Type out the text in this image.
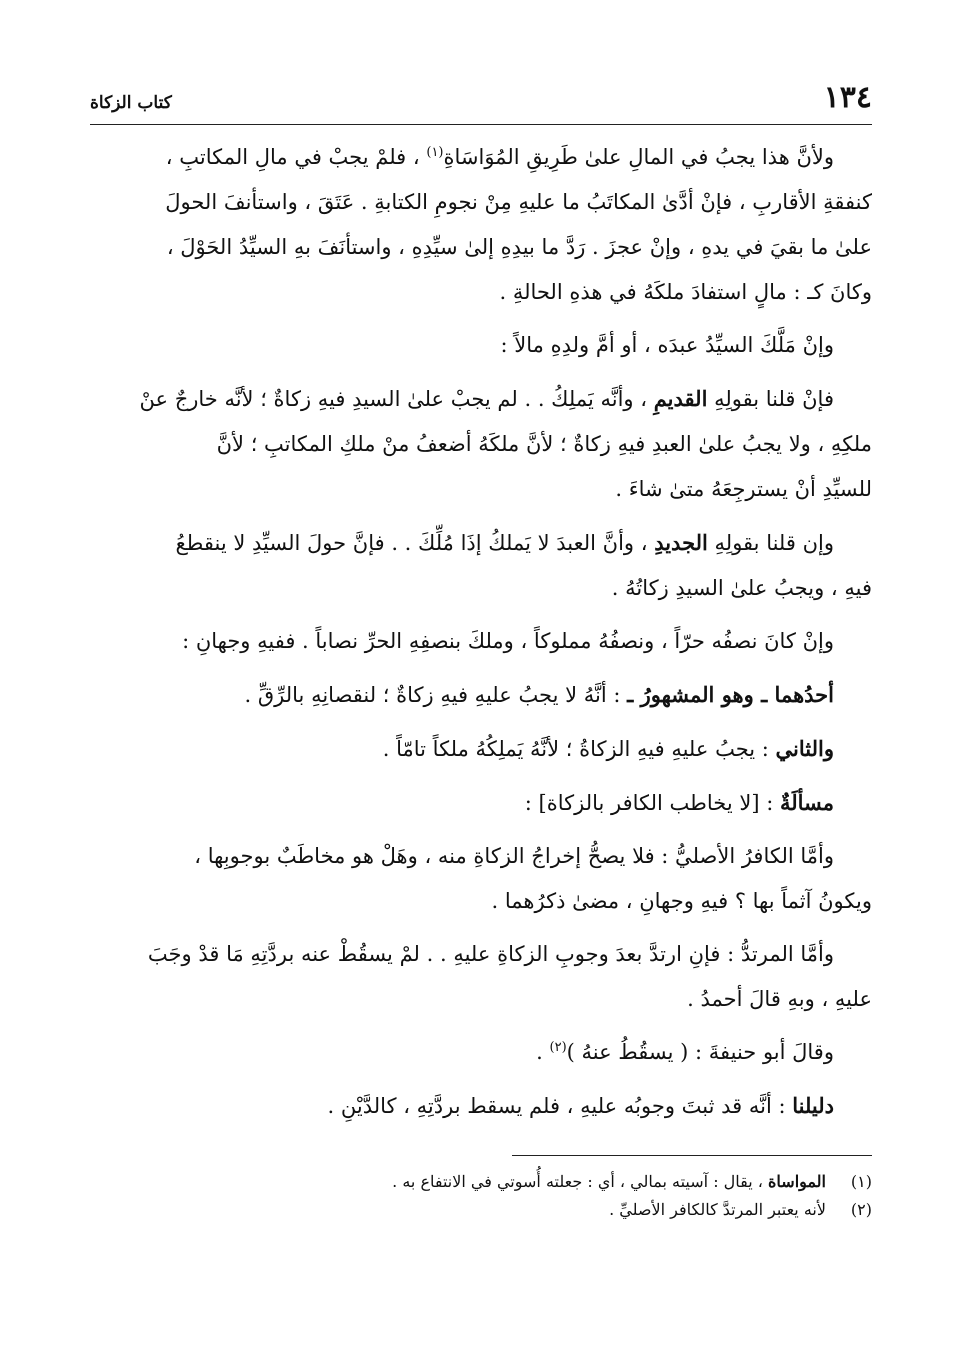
١٣٤
كتاب الزكاة
ولأنَّ هذا يجبُ في المالِ علىٰ طَرِيقِ المُوَاسَاةِ$^{(١)}$ ، فلمْ يجبْ في مالِ المكاتبِ ،
كنفقةِ الأقاربِ ، فإنْ أدَّىٰ المكاتَبُ ما عليهِ مِنْ نجومِ الكتابةِ . عَتَقَ ، واستأنفَ الحولَ
علىٰ ما بقيَ في يدهِ ، وإنْ عجزَ . رَدَّ ما بيدِهِ إلىٰ سيِّدِهِ ، واستأنَفَ بهِ السيِّدُ الحَوْلَ ،
وكانَ كـ : مالٍ استفادَ ملكَهُ في هذهِ الحالةِ .
وإنْ مَلَّكَ السيِّدُ عبدَه ، أو أمَّ ولدِهِ مالاً :
فإنْ قلنا بقولِهِ القديمِ ، وأنَّه يَملِكُ . . لم يجبْ علىٰ السيدِ فيهِ زكاةٌ ؛ لأنَّه خارجٌ عنْ
ملكِهِ ، ولا يجبُ علىٰ العبدِ فيهِ زكاةٌ ؛ لأنَّ ملكَهُ أضعفُ منْ ملكِ المكاتبِ ؛ لأنَّ
للسيِّدِ أنْ يسترجِعَهُ متىٰ شاءَ .
وإن قلنا بقولِهِ الجديدِ ، وأنَّ العبدَ لا يَملكُ إذَا مُلِّكَ . . فإنَّ حولَ السيِّدِ لا ينقطعُ
فيهِ ، ويجبُ علىٰ السيدِ زكاتُهُ .
وإنْ كانَ نصفُه حرّاً ، ونصفُهُ مملوكاً ، وملكَ بنصفِهِ الحرِّ نصاباً . ففيهِ وجهانِ :
أحدُهما ـ وهو المشهورُ ـ : أنَّهُ لا يجبُ عليهِ فيهِ زكاةٌ ؛ لنقصانِهِ بالرِّقِّ .
والثاني : يجبُ عليهِ فيهِ الزكاةُ ؛ لأنَّهُ يَملِكُهُ ملكاً تامّاً .
مسألَةٌ : [لا يخاطب الكافر بالزكاة] :
وأمَّا الكافرُ الأصليُّ : فلا يصحُّ إخراجُ الزكاةِ منه ، وهَلْ هو مخاطَبٌ بوجوبِها ،
ويكونُ آثماً بها ؟ فيهِ وجهانِ ، مضىٰ ذكرُهما .
وأمَّا المرتدُّ : فإنِ ارتدَّ بعدَ وجوبِ الزكاةِ عليهِ . . لمْ يسقُطْ عنه بردَّتِهِ مَا قدْ وجَبَ
عليهِ ، وبهِ قالَ أحمدُ .
وقالَ أبو حنيفةَ : ( يسقُطُ عنهُ )$^{(٢)}$ .
دليلنا : أنَّه قد ثبتَ وجوبُه عليهِ ، فلم يسقط بردَّتِهِ ، كالدَّيْنِ .
(١)
المواساة ، يقال : آسيته بمالي ، أي : جعلته أُسوتي في الانتفاع به .
(٢)
لأنه يعتبر المرتدَّ كالكافر الأصليِّ .
